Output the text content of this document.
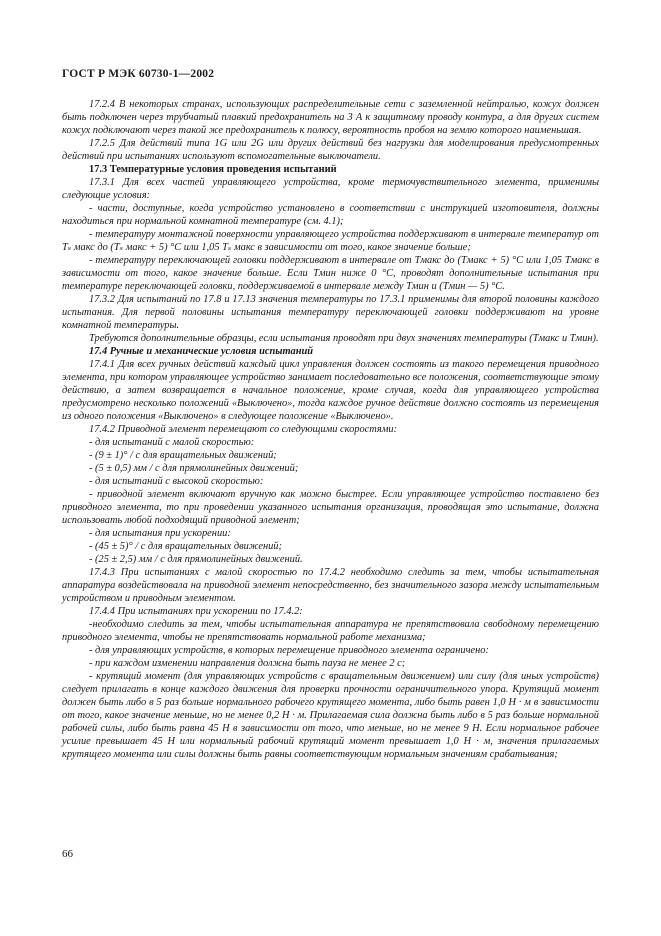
ГОСТ Р МЭК 60730-1—2002

17.2.4 В некоторых странах, использующих распределительные сети с заземленной нейтралью, кожух должен быть подключен через трубчатый плавкий предохранитель на 3 А к защитному проводу контура, а для других систем кожух подключают через такой же предохранитель к полюсу, вероятность пробоя на землю которого наименьшая.

17.2.5 Для действий типа 1G или 2G или других действий без нагрузки для моделирования предусмотренных действий при испытаниях используют вспомогательные выключатели.

17.3 Температурные условия проведения испытаний

17.3.1 Для всех частей управляющего устройства, кроме термочувствительного элемента, применимы следующие условия:

- части, доступные, когда устройство установлено в соответствии с инструкцией изготовителя, должны находиться при нормальной комнатной температуре (см. 4.1);

- температуру монтажной поверхности управляющего устройства поддерживают в интервале температур от Tₛ макс до (Tₛ макс + 5) °С или 1,05 Tₛ макс в зависимости от того, какое значение больше;

- температуру переключающей головки поддерживают в интервале от Tмакс до (Tмакс + 5) °С или 1,05 Tмакс в зависимости от того, какое значение больше. Если Tмин ниже 0 °С, проводят дополнительные испытания при температуре переключающей головки, поддерживаемой в интервале между Tмин и (Tмин — 5) °С.

17.3.2 Для испытаний по 17.8 и 17.13 значения температуры по 17.3.1 применимы для второй половины каждого испытания. Для первой половины испытания температуру переключающей головки поддерживают на уровне комнатной температуры.

Требуются дополнительные образцы, если испытания проводят при двух значениях температуры (Tмакс и Tмин).

17.4 Ручные и механические условия испытаний

17.4.1 Для всех ручных действий каждый цикл управления должен состоять из такого перемещения приводного элемента, при котором управляющее устройство занимает последовательно все положения, соответствующие этому действию, а затем возвращается в начальное положение, кроме случая, когда для управляющего устройства предусмотрено несколько положений «Выключено», тогда каждое ручное действие должно состоять из перемещения из одного положения «Выключено» в следующее положение «Выключено».

17.4.2 Приводной элемент перемещают со следующими скоростями:

- для испытаний с малой скоростью:

- (9 ± 1)° / с для вращательных движений;

- (5 ± 0,5) мм / с для прямолинейных движений;

- для испытаний с высокой скоростью:

- приводной элемент включают вручную как можно быстрее. Если управляющее устройство поставлено без приводного элемента, то при проведении указанного испытания организация, проводящая это испытание, должна использовать любой подходящий приводной элемент;

- для испытания при ускорении:

- (45 ± 5)° / с для вращательных движений;

- (25 ± 2,5) мм / с для прямолинейных движений.

17.4.3 При испытаниях с малой скоростью по 17.4.2 необходимо следить за тем, чтобы испытательная аппаратура воздействовала на приводной элемент непосредственно, без значительного зазора между испытательным устройством и приводным элементом.

17.4.4 При испытаниях при ускорении по 17.4.2:

-необходимо следить за тем, чтобы испытательная аппаратура не препятствовала свободному перемещению приводного элемента, чтобы не препятствовать нормальной работе механизма;

- для управляющих устройств, в которых перемещение приводного элемента ограничено:

- при каждом изменении направления должна быть пауза не менее 2 с;

- крутящий момент (для управляющих устройств с вращательным движением) или силу (для иных устройств) следует прилагать в конце каждого движения для проверки прочности ограничительного упора. Крутящий момент должен быть либо в 5 раз больше нормального рабочего крутящего момента, либо быть равен 1,0 Н · м в зависимости от того, какое значение меньше, но не менее 0,2 Н · м. Прилагаемая сила должна быть либо в 5 раз больше нормальной рабочей силы, либо быть равна 45 Н в зависимости от того, что меньше, но не менее 9 Н. Если нормальное рабочее усилие превышает 45 Н или нормальный рабочий крутящий момент превышает 1,0 Н · м, значения прилагаемых крутящего момента или силы должны быть равны соответствующим нормальным значениям срабатывания;

66
